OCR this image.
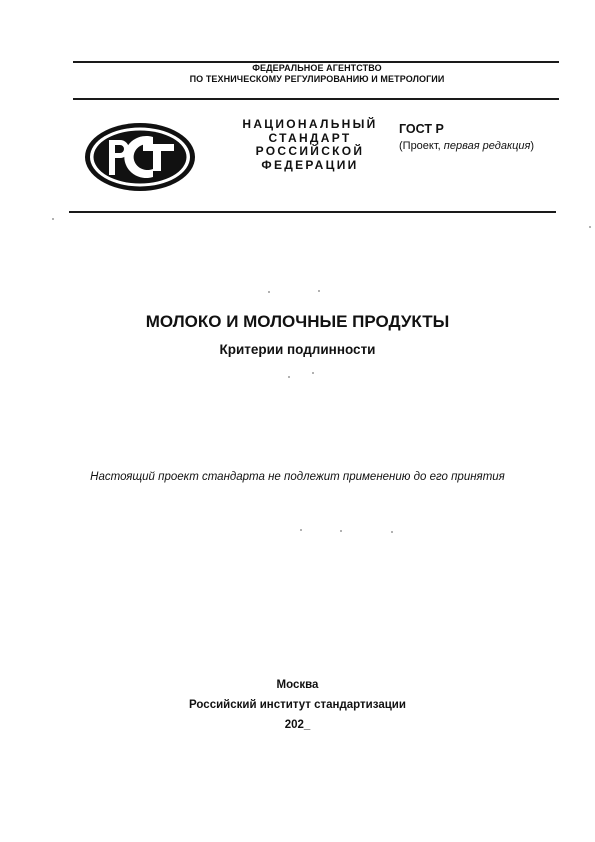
ФЕДЕРАЛЬНОЕ АГЕНТСТВО
ПО ТЕХНИЧЕСКОМУ РЕГУЛИРОВАНИЮ И МЕТРОЛОГИИ
НАЦИОНАЛЬНЫЙ
СТАНДАРТ
РОССИЙСКОЙ
ФЕДЕРАЦИИ
ГОСТ Р
(Проект, первая редакция)
МОЛОКО И МОЛОЧНЫЕ ПРОДУКТЫ
Критерии подлинности
Настоящий проект стандарта не подлежит применению до его принятия
Москва
Российский институт стандартизации
202_
